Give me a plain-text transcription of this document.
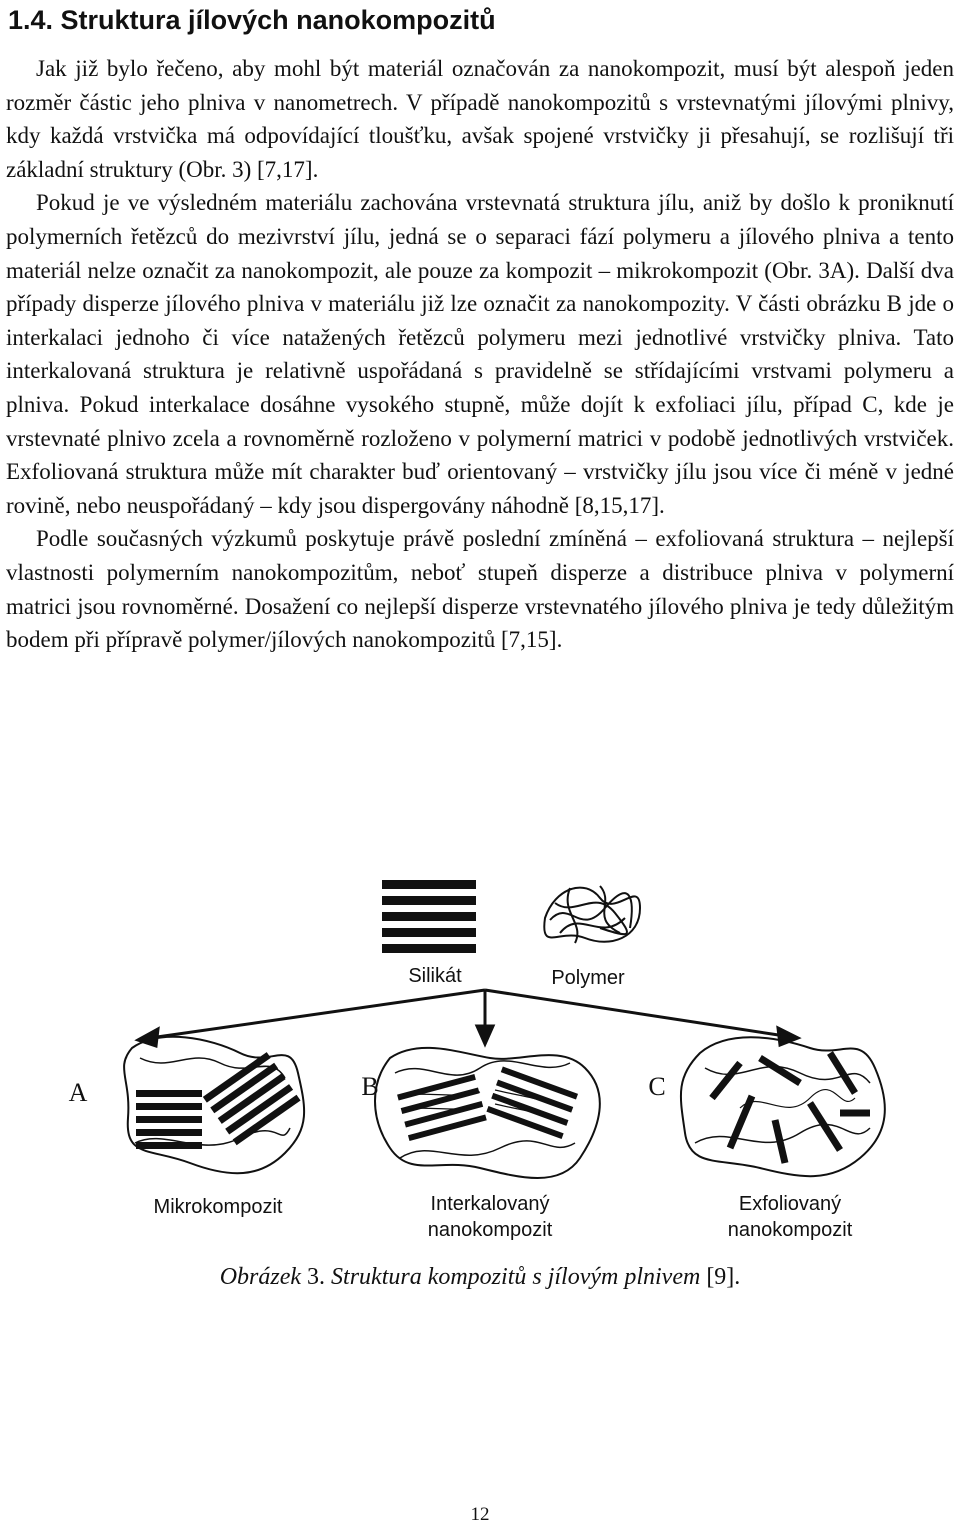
1.4. Struktura jílových nanokompozitů

Jak již bylo řečeno, aby mohl být materiál označován za nanokompozit, musí být alespoň jeden rozměr částic jeho plniva v nanometrech. V případě nanokompozitů s vrstevnatými jílovými plnivy, kdy každá vrstvička má odpovídající tloušťku, avšak spojené vrstvičky ji přesahují, se rozlišují tři základní struktury (Obr. 3) [7,17].

Pokud je ve výsledném materiálu zachována vrstevnatá struktura jílu, aniž by došlo k proniknutí polymerních řetězců do mezivrství jílu, jedná se o separaci fází polymeru a jílového plniva a tento materiál nelze označit za nanokompozit, ale pouze za kompozit – mikrokompozit (Obr. 3A). Další dva případy disperze jílového plniva v materiálu již lze označit za nanokompozity. V části obrázku B jde o interkalaci jednoho či více natažených řetězců polymeru mezi jednotlivé vrstvičky plniva. Tato interkalovaná struktura je relativně uspořádaná s pravidelně se střídajícími vrstvami polymeru a plniva. Pokud interkalace dosáhne vysokého stupně, může dojít k exfoliaci jílu, případ C, kde je vrstevnaté plnivo zcela a rovnoměrně rozloženo v polymerní matrici v podobě jednotlivých vrstviček. Exfoliovaná struktura může mít charakter buď orientovaný – vrstvičky jílu jsou více či méně v jedné rovině, nebo neuspořádaný – kdy jsou dispergovány náhodně [8,15,17].

Podle současných výzkumů poskytuje právě poslední zmíněná – exfoliovaná struktura – nejlepší vlastnosti polymerním nanokompozitům, neboť stupeň disperze a distribuce plniva v polymerní matrici jsou rovnoměrné. Dosažení co nejlepší disperze vrstevnatého jílového plniva je tedy důležitým bodem při přípravě polymer/jílových nanokompozitů [7,15].

Silikát	Polymer
A	B	C
Mikrokompozit	Interkalovaný
nanokompozit
Exfoliovaný
nanokompozit
Obrázek 3. Struktura kompozitů s jílovým plnivem [9].
12
